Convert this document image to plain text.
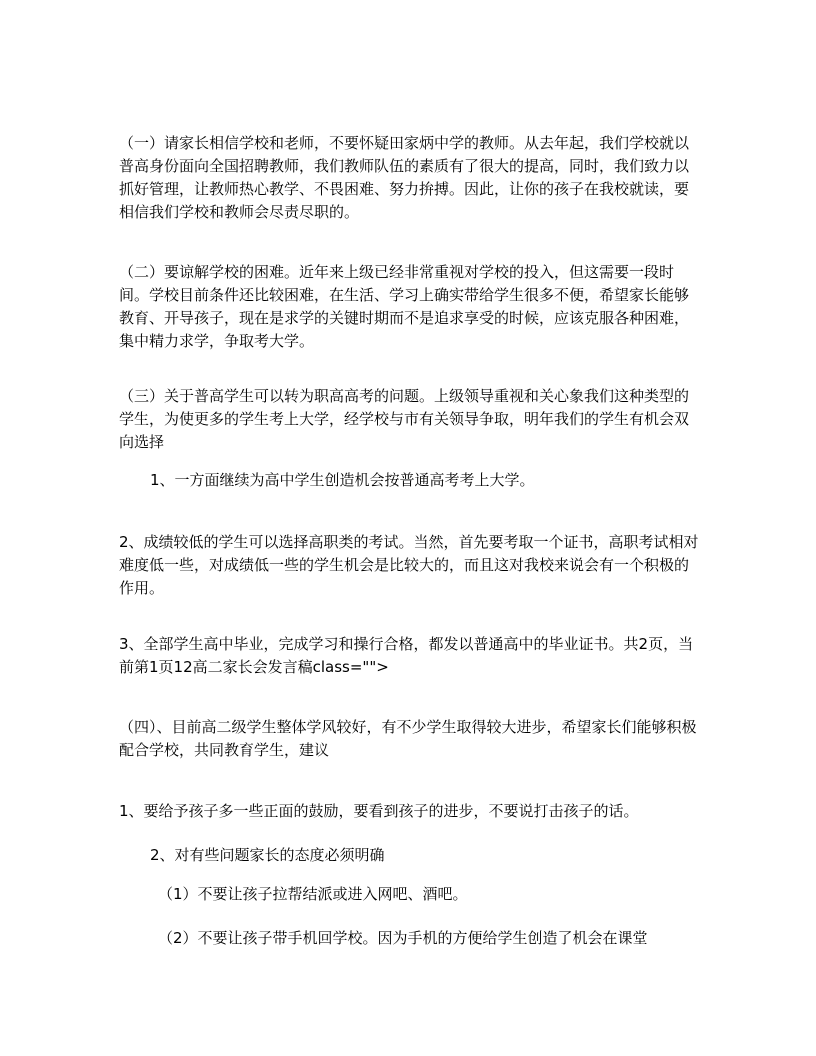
（一）请家长相信学校和老师，不要怀疑田家炳中学的教师。从去年起，我们学校就以普高身份面向全国招聘教师，我们教师队伍的素质有了很大的提高，同时，我们致力以抓好管理，让教师热心教学、不畏困难、努力拚搏。因此，让你的孩子在我校就读，要相信我们学校和教师会尽责尽职的。

（二）要谅解学校的困难。近年来上级已经非常重视对学校的投入，但这需要一段时间。学校目前条件还比较困难，在生活、学习上确实带给学生很多不便，希望家长能够教育、开导孩子，现在是求学的关键时期而不是追求享受的时候，应该克服各种困难，集中精力求学，争取考大学。

（三）关于普高学生可以转为职高高考的问题。上级领导重视和关心象我们这种类型的学生，为使更多的学生考上大学，经学校与市有关领导争取，明年我们的学生有机会双向选择

1、一方面继续为高中学生创造机会按普通高考考上大学。

2、成绩较低的学生可以选择高职类的考试。当然，首先要考取一个证书，高职考试相对难度低一些，对成绩低一些的学生机会是比较大的，而且这对我校来说会有一个积极的作用。

3、全部学生高中毕业，完成学习和操行合格，都发以普通高中的毕业证书。共2页，当前第1页12高二家长会发言稿class="">

（四）、目前高二级学生整体学风较好，有不少学生取得较大进步，希望家长们能够积极配合学校，共同教育学生，建议

1、要给予孩子多一些正面的鼓励，要看到孩子的进步，不要说打击孩子的话。

2、对有些问题家长的态度必须明确

（1）不要让孩子拉帮结派或进入网吧、酒吧。

（2）不要让孩子带手机回学校。因为手机的方便给学生创造了机会在课堂
